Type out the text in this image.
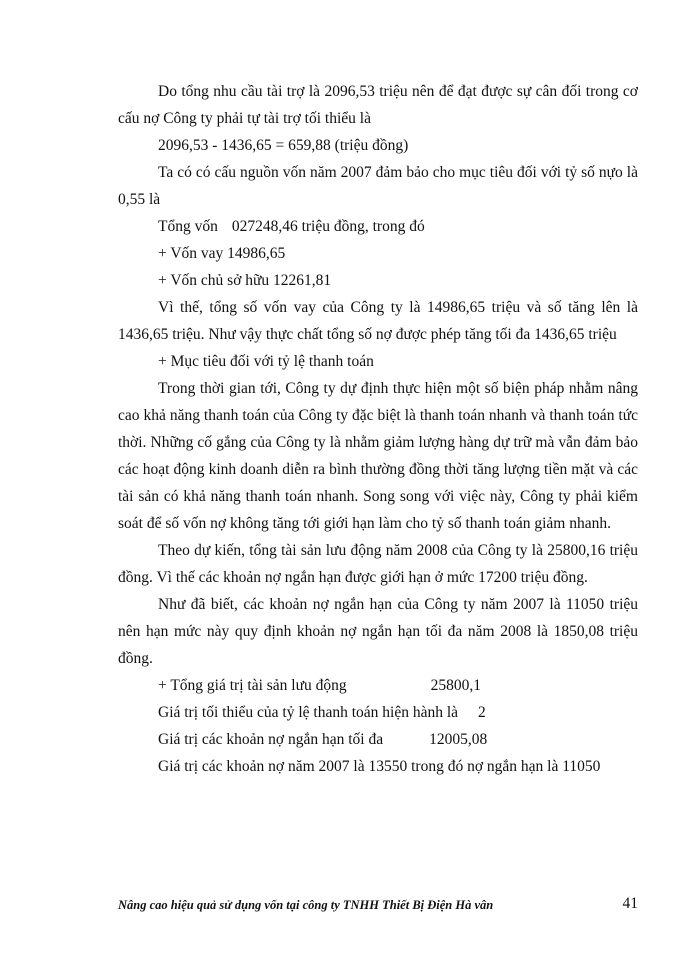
Do tổng nhu cầu tài trợ là 2096,53 triệu nên để đạt được sự cân đối trong cơ cấu nợ Công ty phải tự tài trợ tối thiểu là

2096,53 - 1436,65 = 659,88 (triệu đồng)

Ta có có cấu nguồn vốn năm 2007 đảm bảo cho mục tiêu đối với tỷ số nựo là 0,55 là

Tổng vốn 027248,46 triệu đồng, trong đó

+ Vốn vay 14986,65

+ Vốn chủ sở hữu 12261,81

Vì thế, tổng số vốn vay của Công ty là 14986,65 triệu và số tăng lên là 1436,65 triệu. Như vậy thực chất tổng số nợ được phép tăng tối đa 1436,65 triệu

+ Mục tiêu đối với tỷ lệ thanh toán

Trong thời gian tới, Công ty dự định thực hiện một số biện pháp nhằm nâng cao khả năng thanh toán của Công ty đặc biệt là thanh toán nhanh và thanh toán tức thời. Những cố gắng của Công ty là nhằm giảm lượng hàng dự trữ mà vẫn đảm bảo các hoạt động kinh doanh diễn ra bình thường đồng thời tăng lượng tiền mặt và các tài sản có khả năng thanh toán nhanh. Song song với việc này, Công ty phải kiểm soát để số vốn nợ không tăng tới giới hạn làm cho tỷ số thanh toán giảm nhanh.

Theo dự kiến, tổng tài sản lưu động năm 2008 của Công ty là 25800,16 triệu đồng. Vì thế các khoản nợ ngắn hạn được giới hạn ở mức 17200 triệu đồng.

Như đã biết, các khoản nợ ngắn hạn của Công ty năm 2007 là 11050 triệu nên hạn mức này quy định khoản nợ ngắn hạn tối đa năm 2008 là 1850,08 triệu đồng.

+ Tổng giá trị tài sản lưu động	25800,1

Giá trị tối thiểu của tỷ lệ thanh toán hiện hành là 2

Giá trị các khoản nợ ngắn hạn tối đa	12005,08

Giá trị các khoản nợ năm 2007 là 13550 trong đó nợ ngắn hạn là 11050

Nâng cao hiệu quả sử dụng vốn tại công ty TNHH Thiết Bị Điện Hà vân	41
